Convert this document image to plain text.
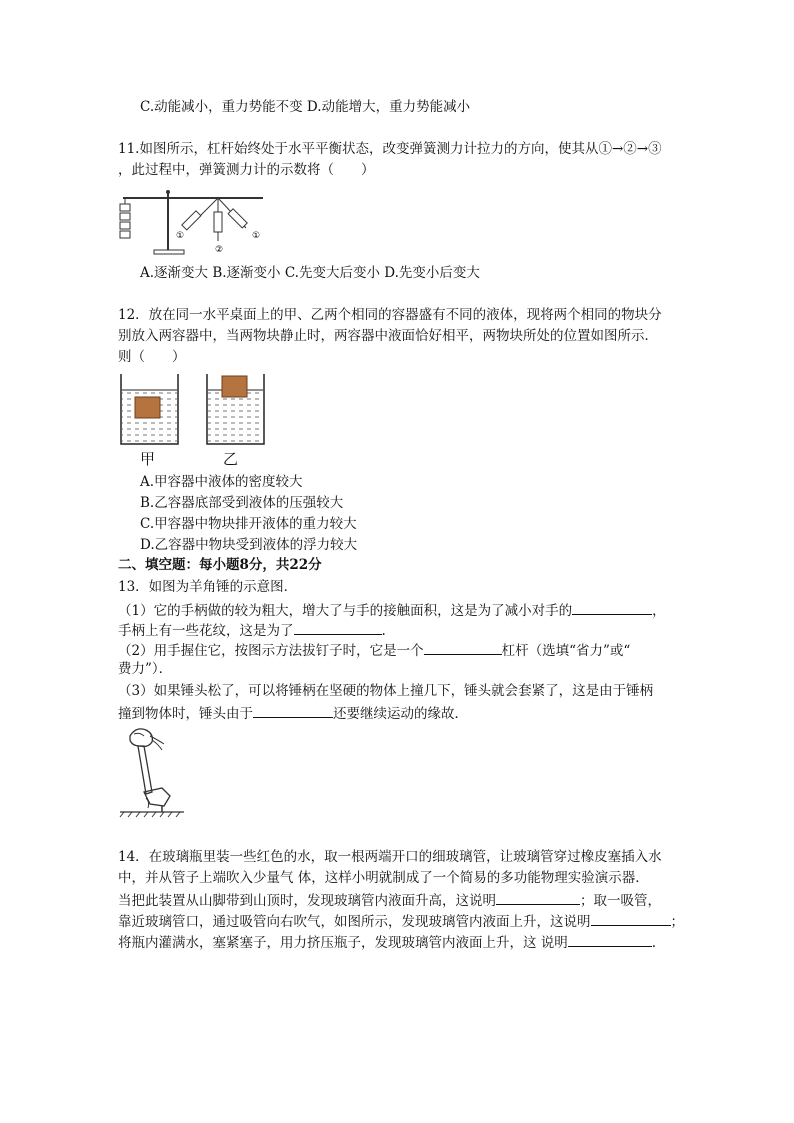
C.动能减小，重力势能不变 D.动能增大，重力势能减小
11.如图所示，杠杆始终处于水平平衡状态，改变弹簧测力计拉力的方向，使其从①→②→③
，此过程中，弹簧测力计的示数将（　　）
①
②
①
A.逐渐变大 B.逐渐变小 C.先变大后变小 D.先变小后变大
12．放在同一水平桌面上的甲、乙两个相同的容器盛有不同的液体，现将两个相同的物块分
别放入两容器中，当两物块静止时，两容器中液面恰好相平，两物块所处的位置如图所示．
则（　　）
甲	乙
A.甲容器中液体的密度较大
B.乙容器底部受到液体的压强较大
C.甲容器中物块排开液体的重力较大
D.乙容器中物块受到液体的浮力较大
二、填空题：每小题8分，共22分
13．如图为羊角锤的示意图．
（1）它的手柄做的较为粗大，增大了与手的接触面积，这是为了减小对手的	，
手柄上有一些花纹，这是为了	.
（2）用手握住它，按图示方法拔钉子时，它是一个	杠杆（选填“省力”或“
费力”）．
（3）如果锤头松了，可以将锤柄在坚硬的物体上撞几下，锤头就会套紧了，这是由于锤柄
撞到物体时，锤头由于	还要继续运动的缘故．
14．在玻璃瓶里装一些红色的水，取一根两端开口的细玻璃管，让玻璃管穿过橡皮塞插入水
中，并从管子上端吹入少量气 体，这样小明就制成了一个简易的多功能物理实验演示器．
当把此装置从山脚带到山顶时，发现玻璃管内液面升高，这说明	；取一吸管，
靠近玻璃管口，通过吸管向右吹气，如图所示，发现玻璃管内液面上升，这说明	；
将瓶内灌满水，塞紧塞子，用力挤压瓶子，发现玻璃管内液面上升，这 说明	.
